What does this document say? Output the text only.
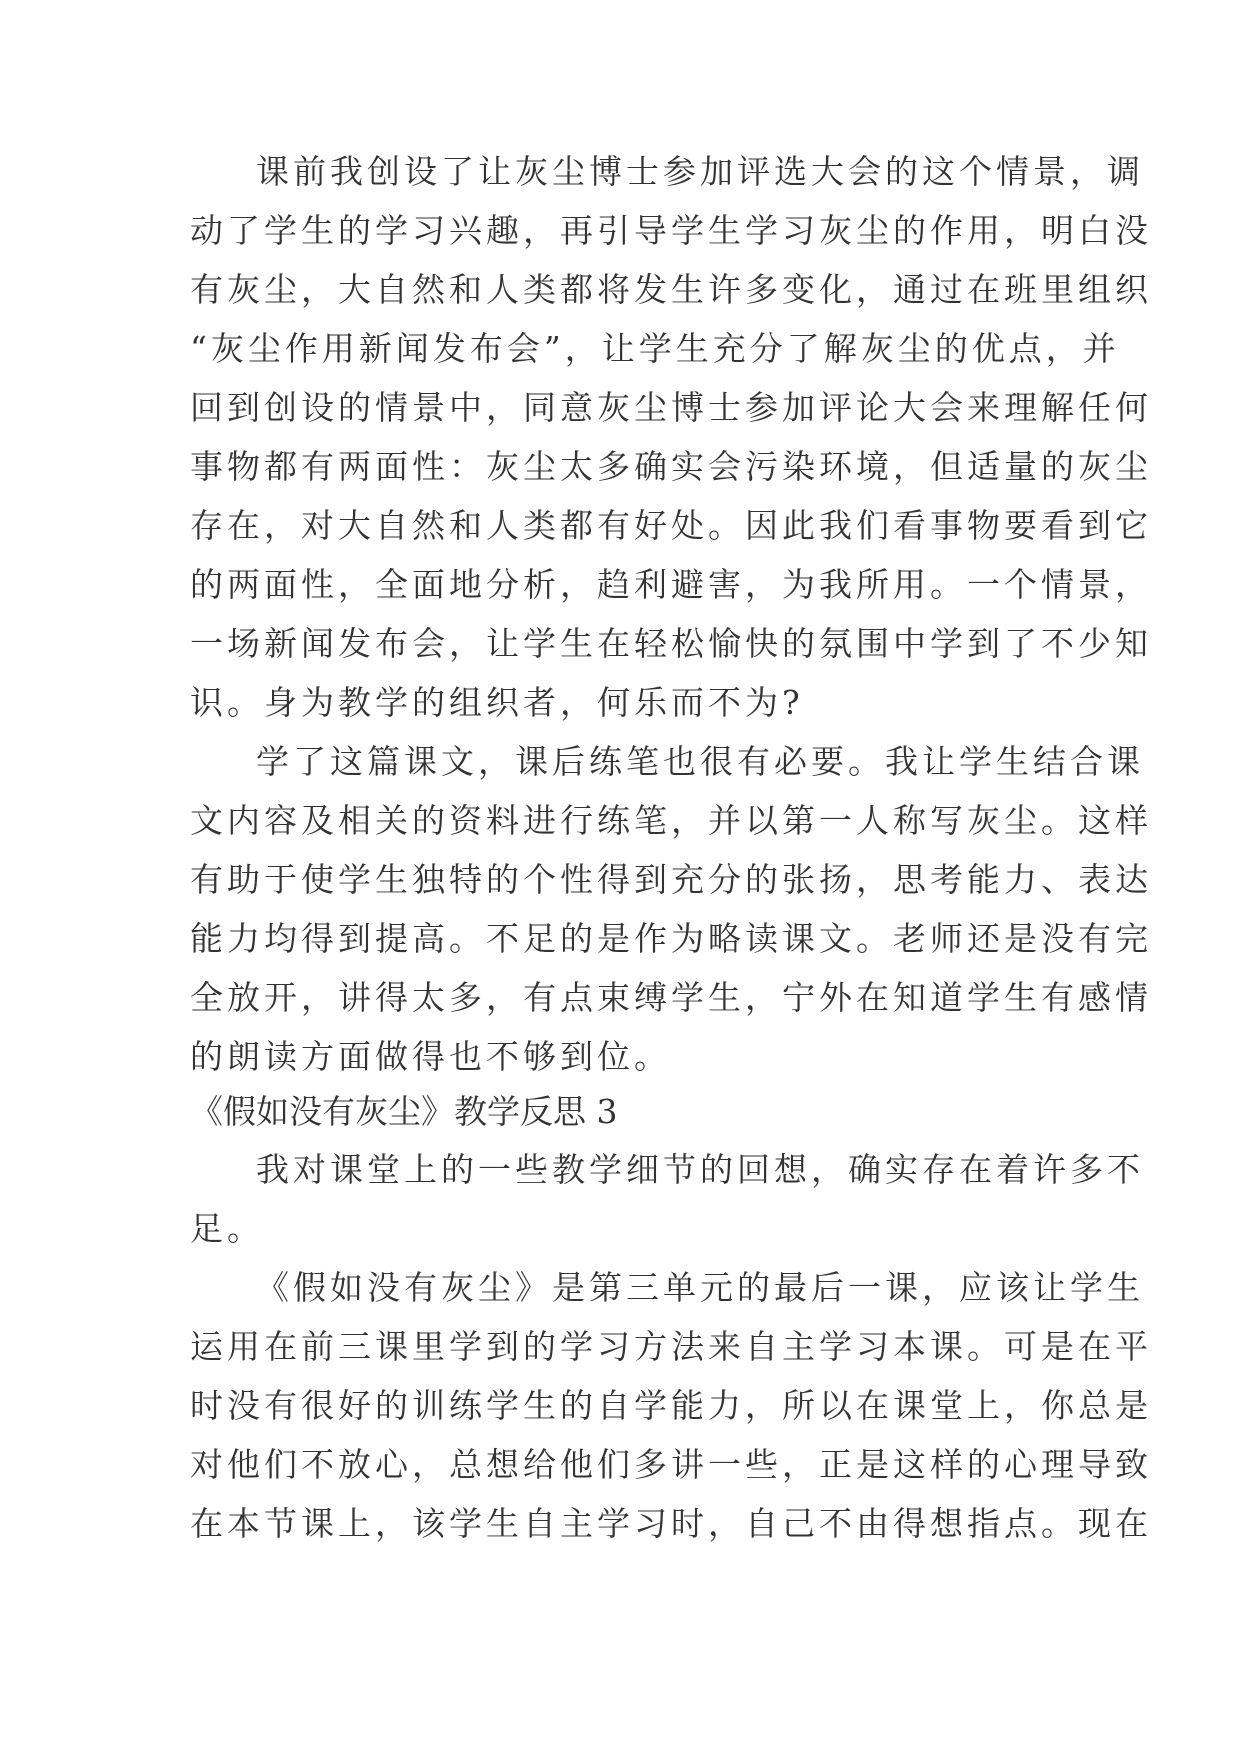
课前我创设了让灰尘博士参加评选大会的这个情景，调
动了学生的学习兴趣，再引导学生学习灰尘的作用，明白没
有灰尘，大自然和人类都将发生许多变化，通过在班里组织
“灰尘作用新闻发布会”，让学生充分了解灰尘的优点，并
回到创设的情景中，同意灰尘博士参加评论大会来理解任何
事物都有两面性：灰尘太多确实会污染环境，但适量的灰尘
存在，对大自然和人类都有好处。因此我们看事物要看到它
的两面性，全面地分析，趋利避害，为我所用。一个情景，
一场新闻发布会，让学生在轻松愉快的氛围中学到了不少知
识。身为教学的组织者，何乐而不为?
学了这篇课文，课后练笔也很有必要。我让学生结合课
文内容及相关的资料进行练笔，并以第一人称写灰尘。这样
有助于使学生独特的个性得到充分的张扬，思考能力、表达
能力均得到提高。不足的是作为略读课文。老师还是没有完
全放开，讲得太多，有点束缚学生，宁外在知道学生有感情
的朗读方面做得也不够到位。
《假如没有灰尘》教学反思 3
我对课堂上的一些教学细节的回想，确实存在着许多不
足。
《假如没有灰尘》是第三单元的最后一课，应该让学生
运用在前三课里学到的学习方法来自主学习本课。可是在平
时没有很好的训练学生的自学能力，所以在课堂上，你总是
对他们不放心，总想给他们多讲一些，正是这样的心理导致
在本节课上，该学生自主学习时，自己不由得想指点。现在
